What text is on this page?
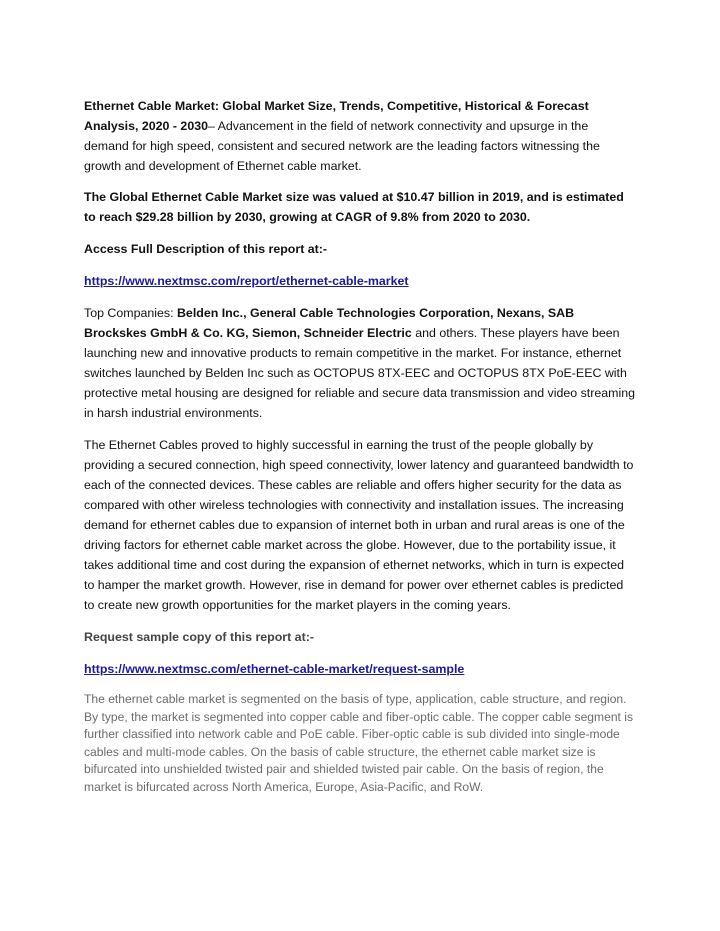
Ethernet Cable Market: Global Market Size, Trends, Competitive, Historical & Forecast Analysis, 2020 - 2030– Advancement in the field of network connectivity and upsurge in the demand for high speed, consistent and secured network are the leading factors witnessing the growth and development of Ethernet cable market.

The Global Ethernet Cable Market size was valued at $10.47 billion in 2019, and is estimated to reach $29.28 billion by 2030, growing at CAGR of 9.8% from 2020 to 2030.

Access Full Description of this report at:-

https://www.nextmsc.com/report/ethernet-cable-market

Top Companies: Belden Inc., General Cable Technologies Corporation, Nexans, SAB Brockskes GmbH & Co. KG, Siemon, Schneider Electric and others. These players have been launching new and innovative products to remain competitive in the market. For instance, ethernet switches launched by Belden Inc such as OCTOPUS 8TX-EEC and OCTOPUS 8TX PoE-EEC with protective metal housing are designed for reliable and secure data transmission and video streaming in harsh industrial environments.

The Ethernet Cables proved to highly successful in earning the trust of the people globally by providing a secured connection, high speed connectivity, lower latency and guaranteed bandwidth to each of the connected devices. These cables are reliable and offers higher security for the data as compared with other wireless technologies with connectivity and installation issues. The increasing demand for ethernet cables due to expansion of internet both in urban and rural areas is one of the driving factors for ethernet cable market across the globe. However, due to the portability issue, it takes additional time and cost during the expansion of ethernet networks, which in turn is expected to hamper the market growth. However, rise in demand for power over ethernet cables is predicted to create new growth opportunities for the market players in the coming years.

Request sample copy of this report at:-

https://www.nextmsc.com/ethernet-cable-market/request-sample

The ethernet cable market is segmented on the basis of type, application, cable structure, and region. By type, the market is segmented into copper cable and fiber-optic cable. The copper cable segment is further classified into network cable and PoE cable. Fiber-optic cable is sub divided into single-mode cables and multi-mode cables. On the basis of cable structure, the ethernet cable market size is bifurcated into unshielded twisted pair and shielded twisted pair cable. On the basis of region, the market is bifurcated across North America, Europe, Asia-Pacific, and RoW.
